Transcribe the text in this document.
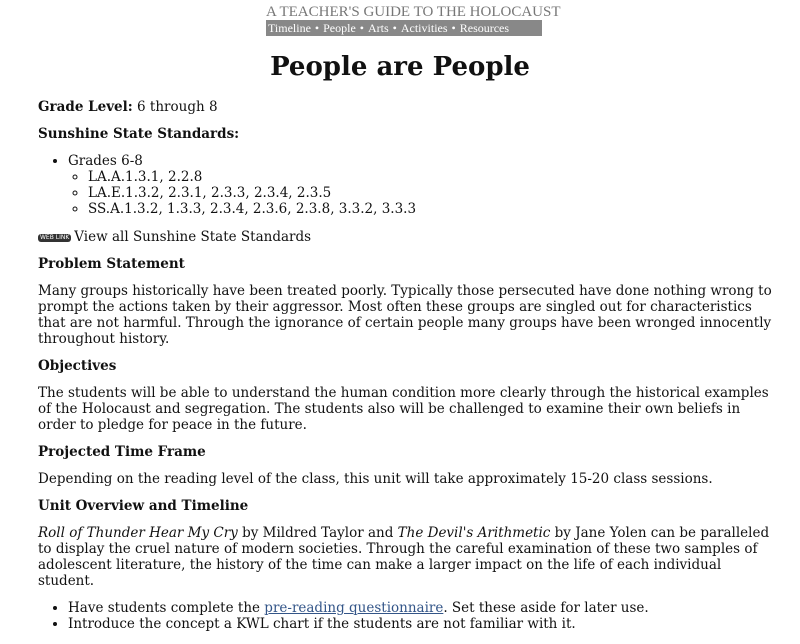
A TEACHER'S GUIDE TO THE HOLOCAUST
Timeline • People • Arts • Activities • Resources
People are People

Grade Level: 6 through 8

Sunshine State Standards:
• Grades 6-8
◦ LA.A.1.3.1, 2.2.8
◦ LA.E.1.3.2, 2.3.1, 2.3.3, 2.3.4, 2.3.5
◦ SS.A.1.3.2, 1.3.3, 2.3.4, 2.3.6, 2.3.8, 3.3.2, 3.3.3

WEB LINK View all Sunshine State Standards

Problem Statement

Many groups historically have been treated poorly. Typically those persecuted have done nothing wrong to prompt the actions taken by their aggressor. Most often these groups are singled out for characteristics that are not harmful. Through the ignorance of certain people many groups have been wronged innocently throughout history.

Objectives

The students will be able to understand the human condition more clearly through the historical examples of the Holocaust and segregation. The students also will be challenged to examine their own beliefs in order to pledge for peace in the future.

Projected Time Frame

Depending on the reading level of the class, this unit will take approximately 15-20 class sessions.

Unit Overview and Timeline

Roll of Thunder Hear My Cry by Mildred Taylor and The Devil's Arithmetic by Jane Yolen can be paralleled to display the cruel nature of modern societies. Through the careful examination of these two samples of adolescent literature, the history of the time can make a larger impact on the life of each individual student.

• Have students complete the pre-reading questionnaire. Set these aside for later use.
• Introduce the concept a KWL chart if the students are not familiar with it.
